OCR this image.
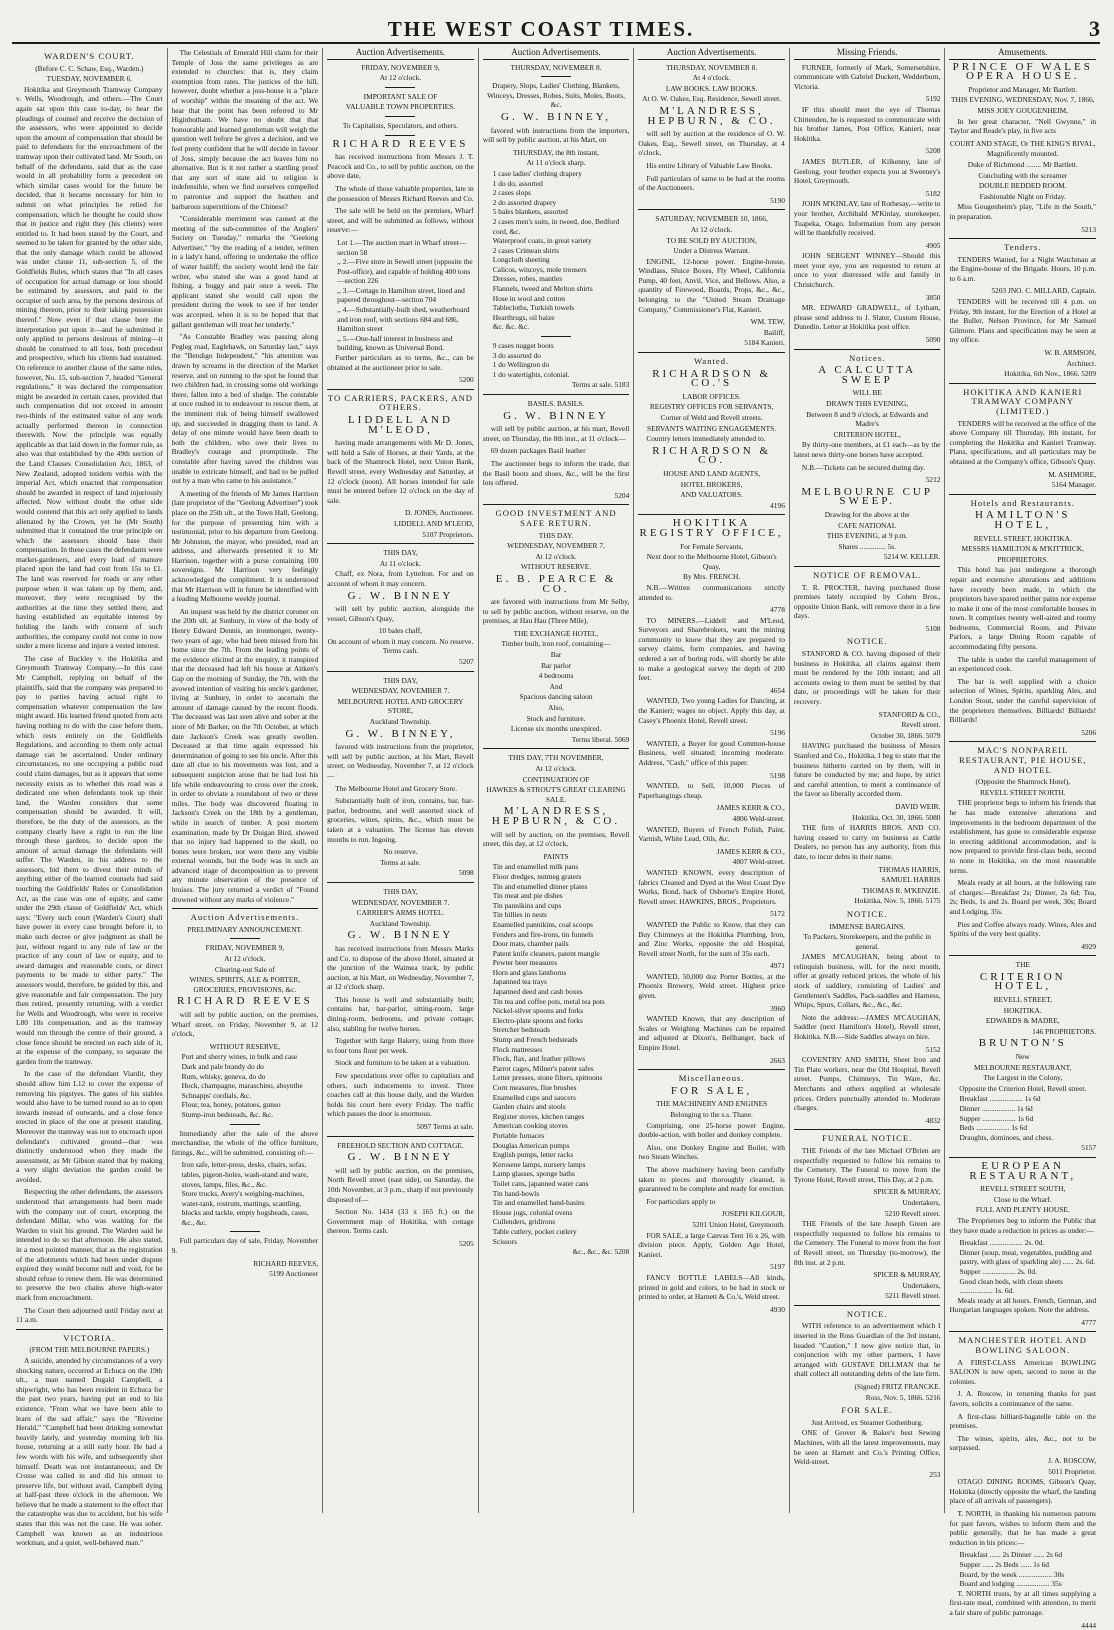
THE WEST COAST TIMES.	3
WARDEN'S COURT.
(Before C. C. Schaw, Esq., Warden.)
TUESDAY, NOVEMBER 6.
Hokitika and Greymouth Tramway Company v. Wells, Woodrough, and others.—The Court again sat upon this case to-day, to hear the pleadings of counsel and receive the decision of the assessors, who were appointed to decide upon the amount of compensation that should be paid to defendants for the encroachment of the tramway upon their cultivated land. Mr South, on behalf of the defendants, said that as the case would in all probability form a precedent on which similar cases would for the future be decided, that it became necessary for him to submit on what principles he relied for compensation, which he thought he could show that in justice and right they (his clients) were entitled to. It had been stated by the Court, and seemed to be taken for granted by the other side, that the only damage which could be allowed was under clause 11, sub-section 5, of the Goldfields Rules, which states that "In all cases of occupation for actual damage or loss should be estimated by assessors, and paid to the occupier of such area, by the persons desirous of mining thereon, prior to their taking possession thereof." Now even if that clause bore the interpretation put upon it—and he submitted it only applied to persons desirous of mining—it should be construed to all loss, both precedent and prospective, which his clients had sustained. On reference to another clause of the same rules, however, No. 15, sub-section 7, headed "General regulations," it was declared the compensation might be awarded in certain cases, provided that such compensation did not exceed in amount two-thirds of the estimated value of any work actually performed thereon in connection therewith. Now the principle was equally applicable as that laid down in the former rule, as also was that established by the 49th section of the Land Clauses Consolidation Act, 1863, of New Zealand, adopted totidem verbis with the imperial Act, which enacted that compensation should be awarded in respect of land injuriously affected. Now without doubt the other side would contend that this act only applied to lands alienated by the Crown, yet he (Mr South) submitted that it contained the true principle on which the assessors should base their compensation. In these cases the defendants were market-gardeners, and every load of manure placed upon the land had cost from 15s to £1. The land was reserved for roads or any other purpose when it was taken up by them, and, moreover, they were recognised by the authorities at the time they settled there, and having established an equitable interest by holding the lands with consent of such authorities, the company could not come in now under a mere license and injure a vested interest.
The case of Buckley v. the Hokitika and Greymouth Tramway Company.—In this case Mr Campbell, replying on behalf of the plaintiffs, said that the company was prepared to pay to parties having actual right to compensation whatever compensation the law might award. His learned friend quoted from acts having nothing to do with the case before them, which rests entirely on the Goldfields Regulations, and according to them only actual damage can be ascertained. Under ordinary circumstances, no one occupying a public road could claim damages, but as it appears that some necessity exists as to whether this road was a dedicated one when defendants took up their land, the Warden considers that some compensation should be awarded. It will, therefore, be the duty of the assessors, as the company clearly have a right to run the line through these gardens, to decide upon the amount of actual damage the defendants will suffer. The Warden, in his address to the assessors, bid them to divest their minds of anything either of the learned counsels had said touching the Goldfields' Rules or Consolidation Act, as the case was one of equity, and came under the 29th clause of Goldfields' Act, which says: "Every such court (Warden's Court) shall have power in every case brought before it, to make such decree or give judgment as shall be just, without regard to any rule of law or the practice of any court of law or equity, and to award damages and reasonable costs, or direct payments to be made to either party." The assessors would, therefore, be guided by this, and give reasonable and fair compensation. The jury then retired, presently returning, with a verdict for Wells and Woodrough, who were to receive L80 10s compensation, and as the tramway would run through the centre of their ground, a close fence should be erected on each side of it, at the expense of the company, to separate the garden from the tramway.
In the case of the defendant Viardit, they should allow him L12 to cover the expense of removing his pigstyes. The gates of his stables would also have to be turned round so as to open inwards instead of outwards, and a close fence erected in place of the one at present standing. Moreover the tramway was not to encroach upon defendant's cultivated ground—that was distinctly understood when they made the assessment, as Mr Gibson stated that by making a very slight deviation the garden could be avoided.
Respecting the other defendants, the assessors understood that arrangements had been made with the company out of court, excepting the defendant Millar, who was waiting for the Warden to visit his ground. The Warden said he intended to do so that afternoon. He also stated, in a most pointed manner, that as the registration of the allotments which had been under dispute expired they would become null and void, for he should refuse to renew them. He was determined to preserve the two chains above high-water mark from encroachment.
The Court then adjourned until Friday next at 11 a.m.
VICTORIA.
(FROM THE MELBOURNE PAPERS.)
A suicide, attended by circumstances of a very shocking nature, occurred at Echuca on the 19th ult., a man named Dugald Campbell, a shipwright, who has been resident in Echuca for the past two years, having put an end to his existence. "From what we have been able to learn of the sad affair," says the "Riverine Herald," "Campbell had been drinking somewhat heavily lately, and yesterday morning left his house, returning at a still early hour. He had a few words with his wife, and subsequently shot himself. Death was not instantaneous; and Dr Crosse was called in and did his utmost to preserve life, but without avail, Campbell dying at half-past three o'clock in the afternoon. We believe that he made a statement to the effect that the catastrophe was due to accident, but his wife states that this was not the case. He was sober. Campbell was known as an industrious workman, and a quiet, well-behaved man."
The Celestials of Emerald Hill claim for their Temple of Joss the same privileges as are extended to churches: that is, they claim exemption from rates. The justices of the hill, however, doubt whether a joss-house is a "place of worship" within the meaning of the act. We hear that the point has been referred to Mr Higinbotham. We have no doubt that that honourable and learned gentleman will weigh the question well before he gives a decision, and we feel pretty confident that he will decide in favour of Joss, simply because the act leaves him no alternative. But is it not rather a startling proof that any sort of state aid to religion is indefensible, when we find ourselves compelled to patronise and support the heathen and barbarous superstitions of the Chinese?
"Considerable merriment was caused at the meeting of the sub-committee of the Anglers' Society on Tuesday," remarks the "Geelong Advertiser," "by the reading of a tender, written in a lady's hand, offering to undertake the office of water bailiff; the society would lend the fair writer, who stated she was a good hand at fishing, a buggy and pair once a week. The applicant stated she would call upon the president during the week to see if her tender was accepted, when it is to be hoped that that gallant gentleman will treat her tenderly."
"As Constable Bradley was passing along Pegleg road, Eaglehawk, on Saturday last," says the "Bendigo Independent," "his attention was drawn by screams in the direction of the Market reserve, and on running to the spot he found that two children had, in crossing some old workings there, fallen into a bed of sludge. The constable at once rushed in to endeavour to rescue them, at the imminent risk of being himself swallowed up, and succeeded in dragging them to land. A delay of one minute would have been death to both the children, who owe their lives to Bradley's courage and promptitude. The constable after having saved the children was unable to extricate himself, and had to be pulled out by a man who came to his assistance."
A meeting of the friends of Mr James Harrison (late proprietor of the "Geelong Advertiser") took place on the 25th ult., at the Town Hall, Geelong, for the purpose of presenting him with a testimonial, prior to his departure from Geelong. Mr Johnston, the mayor, who presided, read an address, and afterwards presented it to Mr Harrison, together with a purse containing 100 sovereigns. Mr Harrison very feelingly acknowledged the compliment. It is understood that Mr Harrison will in future be identified with a leading Melbourne weekly journal.
An inquest was held by the district coroner on the 20th ult. at Sunbury, in view of the body of Henry Edward Dennis, an ironmonger, twenty-two years of age, who had been missed from his home since the 7th. From the leading points of the evidence elicited at the enquiry, it transpired that the deceased had left his house at Aitken's Gap on the morning of Sunday, the 7th, with the avowed intention of visiting his uncle's gardener, living at Sunbury, in order to ascertain the amount of damage caused by the recent floods. The deceased was last seen alive and sober at the store of Mr Barker, on the 7th October, at which date Jackson's Creek was greatly swollen. Deceased at that time again expressed his determination of going to see his uncle. After this date all clue to his movements was lost, and a subsequent suspicion arose that he had lost his life while endeavouring to cross over the creek, in order to obviate a roundabout of two or three miles. The body was discovered floating in Jackson's Creek on the 18th by a gentleman, while in search of timber. A post mortem examination, made by Dr Duigan Bird, showed that no injury had happened to the skull, no bones were broken, nor were there any visible external wounds, but the body was in such an advanced stage of decomposition as to prevent any minute observation of the presence of bruises. The jury returned a verdict of "Found drowned without any marks of violence."
Auction Advertisements.
PRELIMINARY ANNOUNCEMENT.
FRIDAY, NOVEMBER 9,
At 12 o'clock.
Clearing-out Sale of
WINES, SPIRITS, ALE & PORTER, GROCERIES, PROVISIONS, &c.
RICHARD REEVES
will sell by public auction, on the premises, Wharf street, on Friday, November 9, at 12 o'clock,
WITHOUT RESERVE,
Port and sherry wines, in bulk and case
Dark and pale brandy do do
Rum, whisky, geneva, do do
Hock, champagne, maraschino, absynthe
Schnapps' cordials, &c.
Flour, tea, honey, potatoes, gunso
Stump-iron bedsteads, &c. &c.
Immediately after the sale of the above merchandise, the whole of the office furniture, fittings, &c., will be submitted, consisting of:—
Iron safe, letter-press, desks, chairs, sofas, tables, pigeon-holes, wash-stand and ware, stoves, lamps, files, &c., &c.
Store trucks, Avery's weighing-machines, water-tank, rostrum, mattings, scantling, blocks and tackle, empty hogsheads, cases, &c., &c.
Full particulars day of sale, Friday, November 9.
RICHARD REEVES,
5199 Auctioneer
Auction Advertisements.
FRIDAY, NOVEMBER 9,
At 12 o'clock.
IMPORTANT SALE OF
VALUABLE TOWN PROPERTIES.
To Capitalists, Speculators, and others.
RICHARD REEVES
has received instructions from Messrs J. T. Peacock and Co., to sell by public auction, on the above date,
The whole of those valuable properties, late in the possession of Messrs Richard Reeves and Co.
The sale will be held on the premises, Wharf street, and will be submitted as follows, without reserve:—
Lot 1.—The auction mart in Wharf street—section 58
,, 2.—Five store in Sewell street (opposite the Post-office), and capable of holding 400 tons—section 226
,, 3.—Cottage in Hamilton street, lined and papered throughout—section 704
,, 4.—Substantially-built shed, weatherboard and iron roof, with sections 684 and 686, Hamilton street
,, 5.—One-half interest in business and building, known as Universal Bond.
Further particulars as to terms, &c., can be obtained at the auctioneer prior to sale.
5200
TO CARRIERS, PACKERS, AND OTHERS.
LIDDELL AND M'LEOD,
having made arrangements with Mr D. Jones, will hold a Sale of Horses, at their Yards, at the back of the Shamrock Hotel, next Union Bank, Revell street, every Wednesday and Saturday, at 12 o'clock (noon). All horses intended for sale must be entered before 12 o'clock on the day of sale.
D. JONES, Auctioneer.
LIDDELL AND M'LEOD,
5107 Proprietors.
THIS DAY,
At 11 o'clock.
Chaff, ex Nora, from Lyttelton. For and on account of whom it may concern.
G. W. BINNEY
will sell by public auction, alongside the vessel, Gibson's Quay,
10 bales chaff,
On account of whom it may concern. No reserve. Terms cash.
5207
THIS DAY,
WEDNESDAY, NOVEMBER 7.
MELBOURNE HOTEL AND GROCERY STORE,
Auckland Township.
G. W. BINNEY,
favored with instructions from the proprietor, will sell by public auction, at his Mart, Revell street, on Wednesday, November 7, at 12 o'clock—
The Melbourne Hotel and Grocery Store.
Substantially built of iron, contains, bar, bar-parlor, bedrooms, and well assorted stock of groceries, wines, spirits, &c., which must be taken at a valuation. The license has eleven months to run. Ingoing.
No reserve.
Terms at sale.
5098
THIS DAY,
WEDNESDAY, NOVEMBER 7.
CARRIER'S ARMS HOTEL.
Auckland Township.
G. W. BINNEY
has received instructions from Messrs Marks and Co. to dispose of the above Hotel, situated at the junction of the Waimea track, by public auction, at his Mart, on Wednesday, November 7, at 12 o'clock sharp.
This house is well and substantially built; contains bar, bar-parlor, sitting-room, large dining-room, bedrooms, and private cottage; also, stabling for twelve horses.
Together with large Bakery, using from three to four tons flour per week.
Stock and furniture to be taken at a valuation.
Few speculations ever offer to capitalists and others, such inducements to invest. Three coaches call at this house daily, and the Warden holds his court here every Friday. The traffic which passes the door is enormous.
5097 Terms at sale.
FREEHOLD SECTION AND COTTAGE.
G. W. BINNEY
will sell by public auction, on the premises, North Revell street (east side), on Saturday, the 10th November, at 3 p.m., sharp if not previously disposed of—
Section No. 1434 (33 x 165 ft.) on the Government map of Hokitika, with cottage thereon. Terms cash.
5205
Auction Advertisements.
THURSDAY, NOVEMBER 8.
Drapery, Slops, Ladies' Clothing, Blankets, Winceys, Dresses, Robes, Suits, Moles, Boots, &c.
G. W. BINNEY,
favored with instructions from the importers, will sell by public auction, at his Mart, on
THURSDAY, the 8th instant,
At 11 o'clock sharp.
1 case ladies' clothing drapery
1 do do, assorted
2 cases slops
2 do assorted drapery
5 bales blankets, assorted
2 cases men's suits, in tweed, doe, Bedford cord, &c.
Waterproof coats, in great variety
2 cases Crimean shirts
Longcloth sheeting
Calicos, winceys, mole trousers
Dresses, robes, mantles
Flannels, tweed and Melton shirts
Hose in wool and cotton
Tablecloths, Turkish towels
Hearthrugs, oil baize
&c. &c. &c.
9 cases nugget boots
3 do assorted do
1 do Wellington do
1 do watertights, colonial.
Terms at sale. 5183
BASILS. BASILS.
G. W. BINNEY
will sell by public auction, at his mart, Revell street, on Thursday, the 8th inst., at 11 o'clock—
69 dozen packages Basil leather
The auctioneer begs to inform the trade, that the Basil boots and shoes, &c., will be the first lots offered.
5204
GOOD INVESTMENT AND SAFE RETURN.
THIS DAY.
WEDNESDAY, NOVEMBER 7,
At 12 o'clock.
WITHOUT RESERVE.
E. B. PEARCE & CO.
are favored with instructions from Mr Selby, to sell by public auction, without reserve, on the premises, at Hau Hau (Three Mile),
THE EXCHANGE HOTEL,
Timber built, iron roof, containing—
Bar
Bar parlor
4 bedrooms
And
Spacious dancing saloon
Also,
Stock and furniture.
License six months unexpired.
Terms liberal. 5069
THIS DAY, 7TH NOVEMBER,
At 12 o'clock.
CONTINUATION OF
HAWKES & STROUT'S GREAT CLEARING SALE.
M'LANDRESS, HEPBURN, & CO.
will sell by auction, on the premises, Revell street, this day, at 12 o'clock,
PAINTS
Tin and enamelled milk pans
Floor dredges, nutmeg graters
Tin and enamelled dinner plates
Tin meat and pie dishes
Tin pannikins and cups
Tin billies in nests
Enamelled pannikins, coal scoops
Fenders and fire-irons, tin funnels
Door mats, chamber pails
Patent knife cleaners, patent mangle
Pewter beer measures
Horn and glass lanthorns
Japanned tea trays
Japanned deed and cash boxes
Tin tea and coffee pots, metal tea pots
Nickel-silver spoons and forks
Electro-plate spoons and forks
Stretcher bedsteads
Stump and French bedsteads
Flock mattresses
Flock, flax, and feather pillows
Parrot cages, Milner's patent safes
Letter presses, stone filters, spittoons
Corn measures, flue brushes
Enamelled cups and saucers
Garden chairs and stools
Register stoves, kitchen ranges
American cooking stoves
Portable furnaces
Douglas American pumps
English pumps, letter racks
Kerosene lamps, nursery lamps
Lamp glasses, sponge baths
Toilet cans, japanned water cans
Tin hand-bowls
Tin and enamelled hand-basins
House jugs, colonial ovens
Cullenders, gridirons
Table cutlery, pocket cutlery
Scissors
&c., &c., &c. 5208
Auction Advertisements.
THURSDAY, NOVEMBER 8.
At 4 o'clock.
LAW BOOKS. LAW BOOKS.
At O. W. Oakes, Esq. Residence, Sewell street.
M'LANDRESS, HEPBURN, & CO.
will sell by auction at the residence of O. W. Oakes, Esq., Sewell street, on Thursday, at 4 o'clock,
His entire Library of Valuable Law Books.
Full particulars of same to be had at the rooms of the Auctioneers.
5190
SATURDAY, NOVEMBER 10, 1866,
At 12 o'clock.
TO BE SOLD BY AUCTION,
Under a Distress Warrant.
ENGINE, 12-horse power. Engine-house, Windlass, Sluice Boxes, Fly Wheel, California Pump, 40 feet, Anvil, Vice, and Bellows. Also, a quantity of Firewood, Boards, Props, &c., &c., belonging to the "United Steam Drainage Company," Commissioner's Flat, Kanieri.
WM. TEW,
Bailiff,
5184 Kanieri.
Wanted.
RICHARDSON & CO.'S
LABOR OFFICES.
REGISTRY OFFICES FOR SERVANTS,
Corner of Weld and Revell streets.
SERVANTS WAITING ENGAGEMENTS.
Country letters immediately attended to.
RICHARDSON & CO.
HOUSE AND LAND AGENTS,
HOTEL BROKERS,
AND VALUATORS.
4196
HOKITIKA REGISTRY OFFICE,
For Female Servants,
Next door to the Melbourne Hotel, Gibson's Quay,
By Mrs. FRENCH.
N.B.—Written communications strictly attended to.
4778
TO MINERS.—Liddell and M'Leod, Surveyors and Sharebrokers, want the mining community to know that they are prepared to survey claims, form companies, and having ordered a set of boring rods, will shortly be able to make a geological survey the depth of 200 feet.
4654
WANTED, Two young Ladies for Dancing, at the Kanieri; wages no object. Apply this day, at Casey's Phoenix Hotel, Revell street.
5196
WANTED, a Buyer for good Common-house Business, well situated; incoming moderate. Address, "Cash," office of this paper.
5198
WANTED, to Sell, 10,000 Pieces of Paperhangings cheap.
JAMES KERR & CO.,
4806 Weld-street.
WANTED, Buyers of French Polish, Paint, Varnish, White Lead, Oils, &c.
JAMES KERR & CO.,
4807 Weld-street.
WANTED KNOWN, every description of fabrics Cleaned and Dyed at the West Coast Dye Works, Bond, back of Osborne's Empire Hotel, Revell street. HAWKINS, BROS., Proprietors.
5172
WANTED the Public to Know, that they can Buy Chimneys at the Hokitika Plumbing, Iron, and Zinc Works, opposite the old Hospital, Revell street North, for the sum of 35s each.
4971
WANTED, 50,000 doz Porter Bottles, at the Phoenix Brewery, Weld street. Highest price given.
3960
WANTED Known, that any description of Scales or Weighing Machines can be repaired and adjusted at Dixon's, Bellhanger, back of Empire Hotel.
2663
Miscellaneous.
FOR SALE,
THE MACHINERY AND ENGINES
Belonging to the s.s. Thane.
Comprising, one 25-horse power Engine, double-action, with boiler and donkey complete.
Also, one Donkey Engine and Boiler, with two Steam Winches.
The above machinery having been carefully taken to pieces and thoroughly cleaned, is guaranteed to be complete and ready for erection.
For particulars apply to
JOSEPH KILGOUR,
5201 Union Hotel, Greymouth.
FOR SALE, a large Canvas Tent 16 x 26, with division piece. Apply, Golden Age Hotel, Kanieri.
5197
FANCY BOTTLE LABELS—All kinds, printed in gold and colors, to be had in stock or printed to order, at Harnett & Co.'s, Weld street.
4930
Missing Friends.
FURNER, formerly of Mark, Somersetshire, communicate with Gabriel Duckett, Wedderburn, Victoria.
5192
IF this should meet the eye of Thomas Chittenden, he is requested to communicate with his brother James, Post Office, Kanieri, near Hokitika.
5208
JAMES BUTLER, of Kilkenny, late of Geelong, your brother expects you at Sweeney's Hotel, Greymouth.
5182
JOHN M'KINLAY, late of Rothesay,—write to your brother, Archibald M'Kinlay, storekeeper, Tuapeka, Otago. Information from any person will be thankfully received.
4905
JOHN SERGENT WINNEY—Should this meet your eye, you are requested to return at once to your distressed wife and family in Christchurch.
3850
MR. EDWARD GRADWELL, of Lytham, please send address to J. Slater, Custom House, Dunedin. Letter at Hokitika post office.
5090
Notices.
A CALCUTTA SWEEP
WILL BE
DRAWN THIS EVENING,
Between 8 and 9 o'clock, at Edwards and Madre's
CRITERION HOTEL,
By thirty-one members, at £1 each—as by the latest news thirty-one horses have accepted.
N.B.—Tickets can be secured during day.
5212
MELBOURNE CUP SWEEP.
Drawing for the above at the
CAFE NATIONAL
THIS EVENING, at 9 p.m.
Shares .............. 5s.
5214 W. KELLER.
NOTICE OF REMOVAL.
T. R. PROCTER, having purchased those premises lately occupied by Cohen Bros., opposite Union Bank, will remove there in a few days.
5108
NOTICE.
STANFORD & CO. having disposed of their business in Hokitika, all claims against them must be rendered by the 10th instant; and all accounts owing to them must be settled by that date, or proceedings will be taken for their recovery.
STANFORD & CO.,
Revell street.
October 30, 1866. 5079
HAVING purchased the business of Messrs Stanford and Co., Hokitika, I beg to state that the business hitherto carried on by them, will in future be conducted by me; and hope, by strict and careful attention, to merit a continuance of the favor so liberally accorded them.
DAVID WEIR.
Hokitika, Oct. 30, 1866. 5080
THE firm of HARRIS BROS. AND CO. having ceased to carry on business as Cattle Dealers, no person has any authority, from this date, to incur debts in their name.
THOMAS HARRIS,
SAMUEL HARRIS
THOMAS R. M'KENZIE.
Hokitika, Nov. 5, 1866. 5175
NOTICE.
IMMENSE BARGAINS.
To Packers, Storekeepers, and the public in general.
JAMES M'CAUGHAN, being about to relinquish business, will, for the next month, offer at greatly reduced prices, the whole of his stock of saddlery, consisting of Ladies' and Gentlemen's Saddles, Pack-saddles and Harness, Whips, Spurs, Collars, &c., &c., &c.
Note the address:—JAMES M'CAUGHAN, Saddler (next Hamilton's Hotel), Revell street, Hokitika. N.B.—Side Saddles always on hire.
5152
COVENTRY AND SMITH, Sheet Iron and Tin Plate workers, near the Old Hospital, Revell street. Pumps, Chimneys, Tin Ware, &c. Merchants and others supplied at wholesale prices. Orders punctually attended to. Moderate charges.
4832
FUNERAL NOTICE.
THE Friends of the late Michael O'Brien are respectfully requested to follow his remains to the Cemetery. The Funeral to move from the Tyrone Hotel, Revell street, This Day, at 2 p.m.
SPICER & MURRAY,
Undertakers,
5210 Revell street.
THE Friends of the late Joseph Green are respectfully requested to follow his remains to the Cemetery. The Funeral to move from the foot of Revell street, on Thursday (to-morrow), the 8th inst. at 2 p.m.
SPICER & MURRAY,
Undertakers,
5211 Revell street.
NOTICE.
WITH reference to an advertisement which I inserted in the Ross Guardian of the 3rd instant, headed "Caution," I now give notice that, in conjunction with my other partners, I have arranged with GUSTAVE DILLMAN that he shall collect all outstanding debts of the late firm.
(Signed) FRITZ FRANCKE.
Ross, Nov. 5, 1866. 5216
FOR SALE.
Just Arrived, ex Steamer Gothenburg.
ONE of Grover & Baker's best Sewing Machines, with all the latest improvements, may be seen at Harnett and Co.'s Printing Office, Weld-street.
253
Amusements.
PRINCE OF WALES OPERA HOUSE.
Proprietor and Manager, Mr Bartlett.
THIS EVENING, WEDNESDAY, Nov. 7, 1866,
MISS JOEY GOUGENHEIM,
In her great character, "Nell Gwynne," in Taylor and Reade's play, in five acts
COURT AND STAGE, Or THE KING'S RIVAL,
Magnificently mounted.
Duke of Richmond ........ Mr Bartlett.
Concluding with the screamer
DOUBLE BEDDED ROOM.
Fashionable Night on Friday.
Miss Gougenheim's play, "Life in the South," in preparation.
5213
Tenders.
TENDERS Wanted, for a Night Watchman at the Engine-house of the Brigade. Hours, 10 p.m. to 6 a.m.
5203 JNO. C. MILLARD, Captain.
TENDERS will be received till 4 p.m. on Friday, 9th instant, for the Erection of a Hotel at the Buller, Nelson Province, for Mr Samuel Gilmore. Plans and specification may be seen at my office.
W. B. ARMSON,
Architect.
Hokitika, 6th Nov., 1866. 5209
HOKITIKA AND KANIERI TRAMWAY COMPANY (LIMITED.)
TENDERS will be received at the office of the above Company till Thursday, 8th instant, for completing the Hokitika and Kanieri Tramway. Plans, specifications, and all particulars may be obtained at the Company's office, Gibson's Quay.
M. ASHMORE,
5164 Manager.
Hotels and Restaurants.
HAMILTON'S HOTEL,
REVELL STREET, HOKITIKA.
MESSRS HAMILTON & M'KITTRICK,
PROPRIETORS.
This hotel has just undergone a thorough repair and extensive alterations and additions have recently been made, in which the proprietors have spared neither pains nor expense to make it one of the most comfortable houses in town. It comprises twenty well-aired and roomy bedrooms, Commercial Room, and Private Parlors, a large Dining Room capable of accommodating fifty persons.
The table is under the careful management of an experienced cook.
The bar is well supplied with a choice selection of Wines, Spirits, sparkling Ales, and London Stout, under the careful supervision of the proprietors themselves. Billiards! Billiards! Billiards!
5206
MAC'S NONPAREIL RESTAURANT, PIE HOUSE, AND HOTEL
(Opposite the Shamrock Hotel),
REVELL STREET NORTH.
THE proprietor begs to inform his friends that he has made extensive alterations and improvements in the bedroom department of the establishment, has gone to considerable expense in erecting additional accommodation, and is now prepared to provide first-class beds, second to none in Hokitika, on the most reasonable terms.
Meals ready at all hours, at the following rate of charges:—Breakfast 2s; Dinner, 2s 6d; Tea, 2s; Beds, 1s and 2s. Board per week, 30s; Board and Lodging, 35s.
Pies and Coffee always ready. Wines, Ales and Spirits of the very best quality.
4929
THE
CRITERION HOTEL,
REVELL STREET,
HOKITIKA.
EDWARDS & MADRE,
146 PROPRIETORS.
BRUNTON'S
New
MELBOURNE RESTAURANT,
The Largest in the Colony,
Opposite the Criterion Hotel, Revell street.
Breakfast .................. 1s 6d
Dinner .................. 1s 6d
Supper .................. 1s 6d
Beds .................. 1s 6d
Draughts, dominoes, and chess.
5157
EUROPEAN RESTAURANT,
REVELL STREET SOUTH,
Close to the Wharf.
FULL AND PLENTY HOUSE.
The Proprietors beg to inform the Public that they have made a reduction in prices as under:—
Breakfast .................. 2s. 0d.
Dinner (soup, meat, vegetables, pudding and pastry, with glass of sparkling ale) ...... 2s. 6d.
Supper .................. 2s. 0d.
Good clean beds, with clean sheets .................. 1s. 6d.
Meals ready at all hours. French, German, and Hungarian languages spoken. Note the address.
4777
MANCHESTER HOTEL AND BOWLING SALOON.
A FIRST-CLASS American BOWLING SALOON is now open, second to none in the colonies.
J. A. Roscow, in returning thanks for past favors, solicits a continuance of the same.
A first-class billiard-bagatelle table on the premises.
The wines, spirits, ales, &c., not to be surpassed.
J. A. ROSCOW,
5011 Proprietor.
OTAGO DINING ROOMS, Gibson's Quay, Hokitika (directly opposite the wharf, the landing place of all arrivals of passengers).
T. NORTH, in thanking his numerous patrons for past favors, wishes to inform them and the public generally, that he has made a great reduction in his prices:—
Breakfast ...... 2s Dinner ...... 2s 6d
Supper ...... 2s Beds ...... 1s 6d
Board, by the week .................. 30s
Board and lodging .................. 35s
T. NORTH trusts, by at all times supplying a first-rate meal, combined with attention, to merit a fair share of public patronage.
4444
